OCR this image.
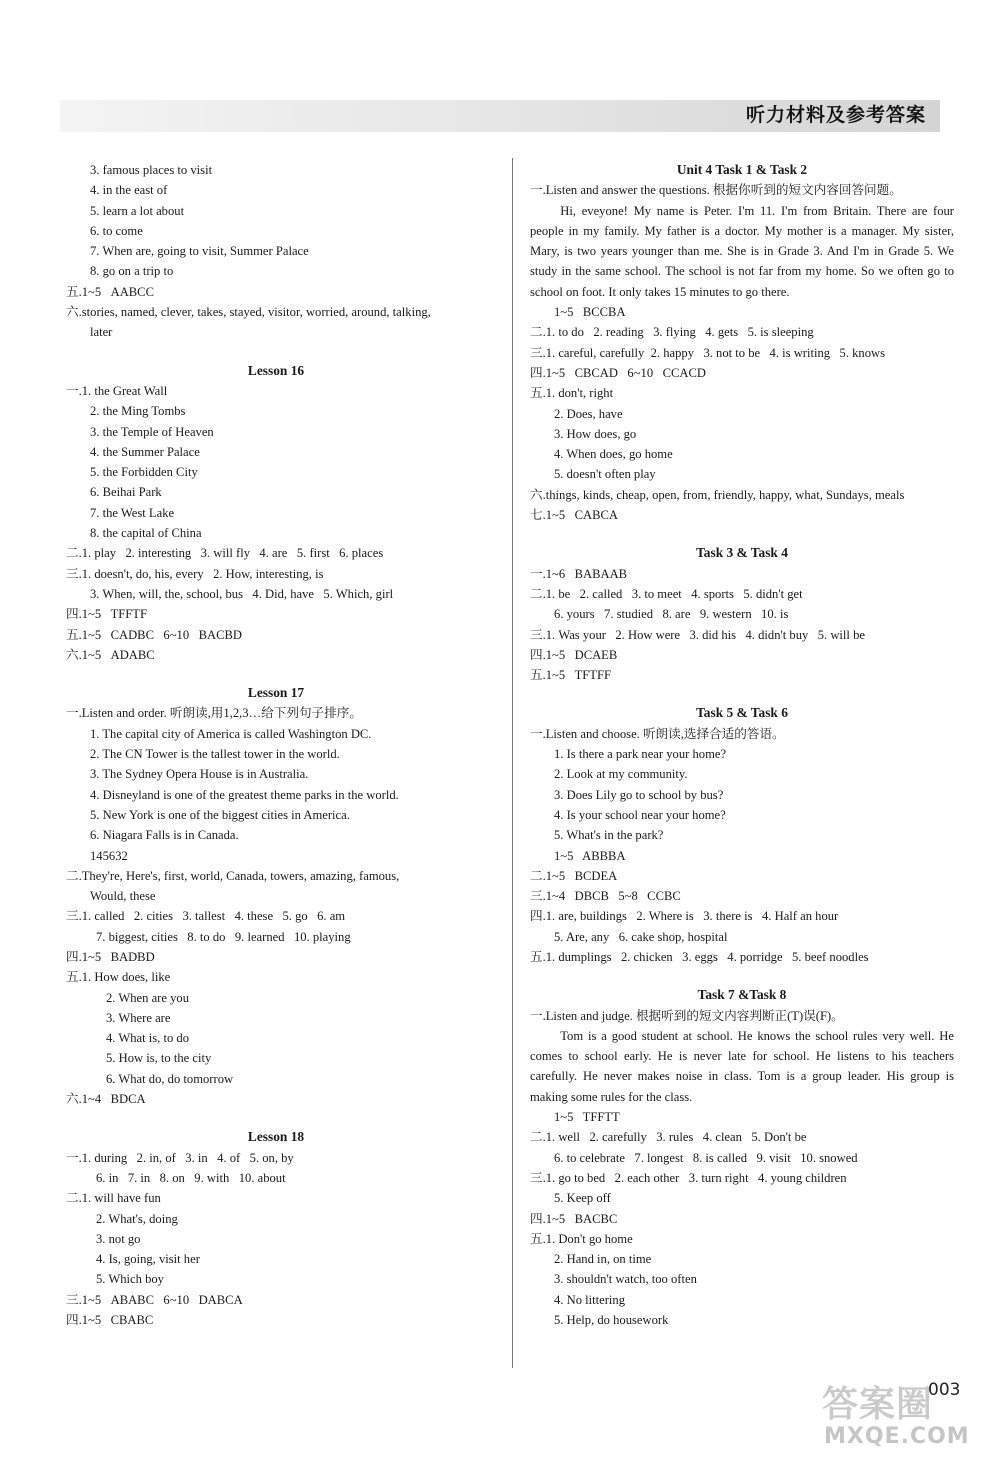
听力材料及参考答案
3. famous places to visit
4. in the east of
5. learn a lot about
6. to come
7. When are, going to visit, Summer Palace
8. go on a trip to
五.1~5   AABCC
六.stories, named, clever, takes, stayed, visitor, worried, around, talking,
later
Lesson 16
一.1. the Great Wall
2. the Ming Tombs
3. the Temple of Heaven
4. the Summer Palace
5. the Forbidden City
6. Beihai Park
7. the West Lake
8. the capital of China
二.1. play   2. interesting   3. will fly   4. are   5. first   6. places
三.1. doesn't, do, his, every   2. How, interesting, is
3. When, will, the, school, bus   4. Did, have   5. Which, girl
四.1~5   TFFTF
五.1~5   CADBC   6~10   BACBD
六.1~5   ADABC
Lesson 17
一.Listen and order. 听朗读,用1,2,3…给下列句子排序。
1. The capital city of America is called Washington DC.
2. The CN Tower is the tallest tower in the world.
3. The Sydney Opera House is in Australia.
4. Disneyland is one of the greatest theme parks in the world.
5. New York is one of the biggest cities in America.
6. Niagara Falls is in Canada.
145632
二.They're, Here's, first, world, Canada, towers, amazing, famous,
Would, these
三.1. called   2. cities   3. tallest   4. these   5. go   6. am
7. biggest, cities   8. to do   9. learned   10. playing
四.1~5   BADBD
五.1. How does, like
2. When are you
3. Where are
4. What is, to do
5. How is, to the city
6. What do, do tomorrow
六.1~4   BDCA
Lesson 18
一.1. during   2. in, of   3. in   4. of   5. on, by
6. in   7. in   8. on   9. with   10. about
二.1. will have fun
2. What's, doing
3. not go
4. Is, going, visit her
5. Which boy
三.1~5   ABABC   6~10   DABCA
四.1~5   CBABC
Unit 4 Task 1 & Task 2
一.Listen and answer the questions. 根据你听到的短文内容回答问题。
Hi, eveyone! My name is Peter. I'm 11. I'm from Britain. There are four people in my family. My father is a doctor. My mother is a manager. My sister, Mary, is two years younger than me. She is in Grade 3. And I'm in Grade 5. We study in the same school. The school is not far from my home. So we often go to school on foot. It only takes 15 minutes to go there.
1~5   BCCBA
二.1. to do   2. reading   3. flying   4. gets   5. is sleeping
三.1. careful, carefully  2. happy   3. not to be   4. is writing   5. knows
四.1~5   CBCAD   6~10   CCACD
五.1. don't, right
2. Does, have
3. How does, go
4. When does, go home
5. doesn't often play
六.things, kinds, cheap, open, from, friendly, happy, what, Sundays, meals
七.1~5   CABCA
Task 3 & Task 4
一.1~6   BABAAB
二.1. be   2. called   3. to meet   4. sports   5. didn't get
6. yours   7. studied   8. are   9. western   10. is
三.1. Was your   2. How were   3. did his   4. didn't buy   5. will be
四.1~5   DCAEB
五.1~5   TFTFF
Task 5 & Task 6
一.Listen and choose. 听朗读,选择合适的答语。
1. Is there a park near your home?
2. Look at my community.
3. Does Lily go to school by bus?
4. Is your school near your home?
5. What's in the park?
1~5   ABBBA
二.1~5   BCDEA
三.1~4   DBCB   5~8   CCBC
四.1. are, buildings   2. Where is   3. there is   4. Half an hour
5. Are, any   6. cake shop, hospital
五.1. dumplings   2. chicken   3. eggs   4. porridge   5. beef noodles
Task 7 &Task 8
一.Listen and judge. 根据听到的短文内容判断正(T)误(F)。
Tom is a good student at school. He knows the school rules very well. He comes to school early. He is never late for school. He listens to his teachers carefully. He never makes noise in class. Tom is a group leader. His group is making some rules for the class.
1~5   TFFTT
二.1. well   2. carefully   3. rules   4. clean   5. Don't be
6. to celebrate   7. longest   8. is called   9. visit   10. snowed
三.1. go to bed   2. each other   3. turn right   4. young children
5. Keep off
四.1~5   BACBC
五.1. Don't go home
2. Hand in, on time
3. shouldn't watch, too often
4. No littering
5. Help, do housework
答案圈
MXQE.COM
003
